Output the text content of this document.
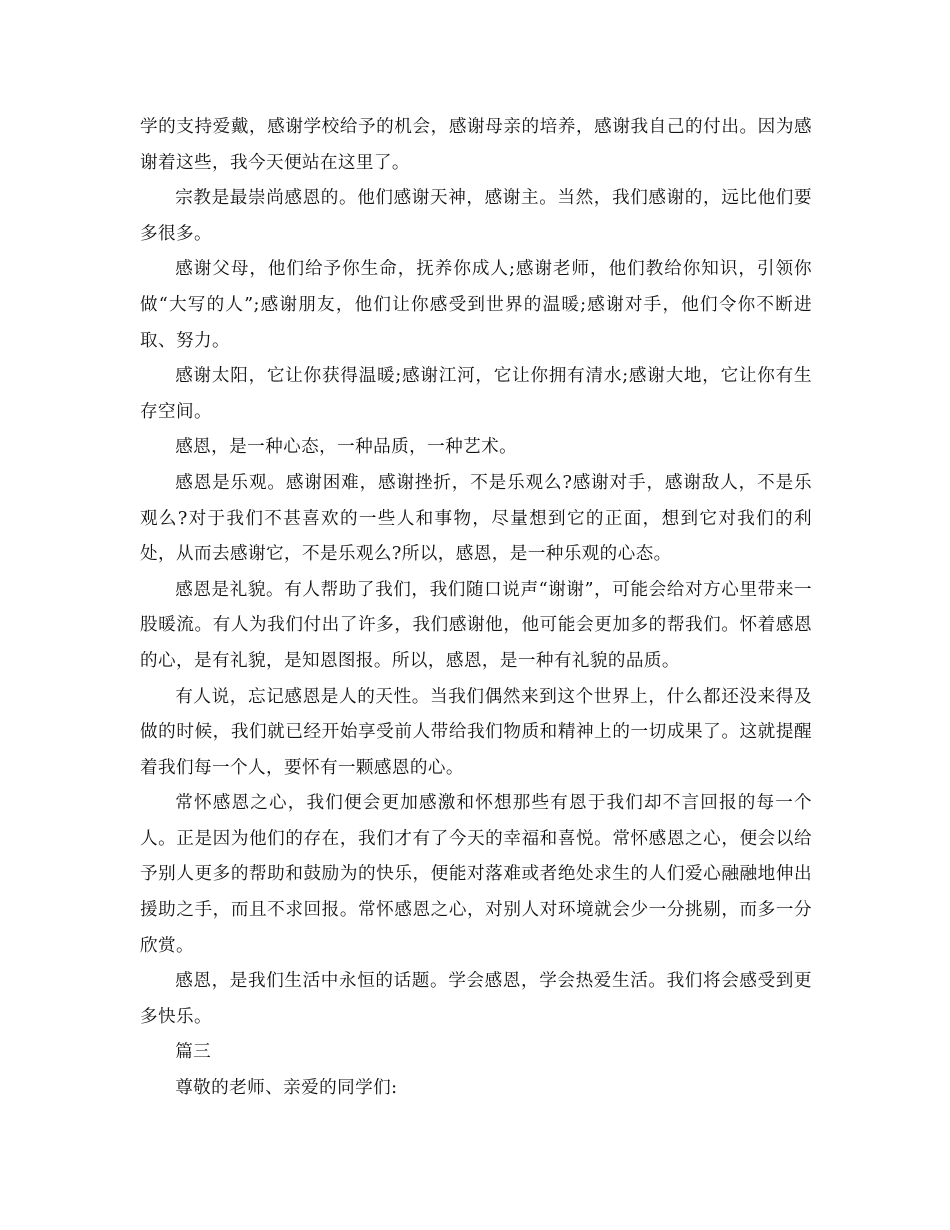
学的支持爱戴，感谢学校给予的机会，感谢母亲的培养，感谢我自己的付出。因为感谢着这些，我今天便站在这里了。

宗教是最崇尚感恩的。他们感谢天神，感谢主。当然，我们感谢的，远比他们要多很多。

感谢父母，他们给予你生命，抚养你成人;感谢老师，他们教给你知识，引领你做“大写的人”;感谢朋友，他们让你感受到世界的温暖;感谢对手，他们令你不断进取、努力。

感谢太阳，它让你获得温暖;感谢江河，它让你拥有清水;感谢大地，它让你有生存空间。

感恩，是一种心态，一种品质，一种艺术。

感恩是乐观。感谢困难，感谢挫折，不是乐观么?感谢对手，感谢敌人，不是乐观么?对于我们不甚喜欢的一些人和事物，尽量想到它的正面，想到它对我们的利处，从而去感谢它，不是乐观么?所以，感恩，是一种乐观的心态。

感恩是礼貌。有人帮助了我们，我们随口说声“谢谢”，可能会给对方心里带来一股暖流。有人为我们付出了许多，我们感谢他，他可能会更加多的帮我们。怀着感恩的心，是有礼貌，是知恩图报。所以，感恩，是一种有礼貌的品质。

有人说，忘记感恩是人的天性。当我们偶然来到这个世界上，什么都还没来得及做的时候，我们就已经开始享受前人带给我们物质和精神上的一切成果了。这就提醒着我们每一个人，要怀有一颗感恩的心。

常怀感恩之心，我们便会更加感激和怀想那些有恩于我们却不言回报的每一个人。正是因为他们的存在，我们才有了今天的幸福和喜悦。常怀感恩之心，便会以给予别人更多的帮助和鼓励为的快乐，便能对落难或者绝处求生的人们爱心融融地伸出援助之手，而且不求回报。常怀感恩之心，对别人对环境就会少一分挑剔，而多一分欣赏。

感恩，是我们生活中永恒的话题。学会感恩，学会热爱生活。我们将会感受到更多快乐。

篇三

尊敬的老师、亲爱的同学们:
